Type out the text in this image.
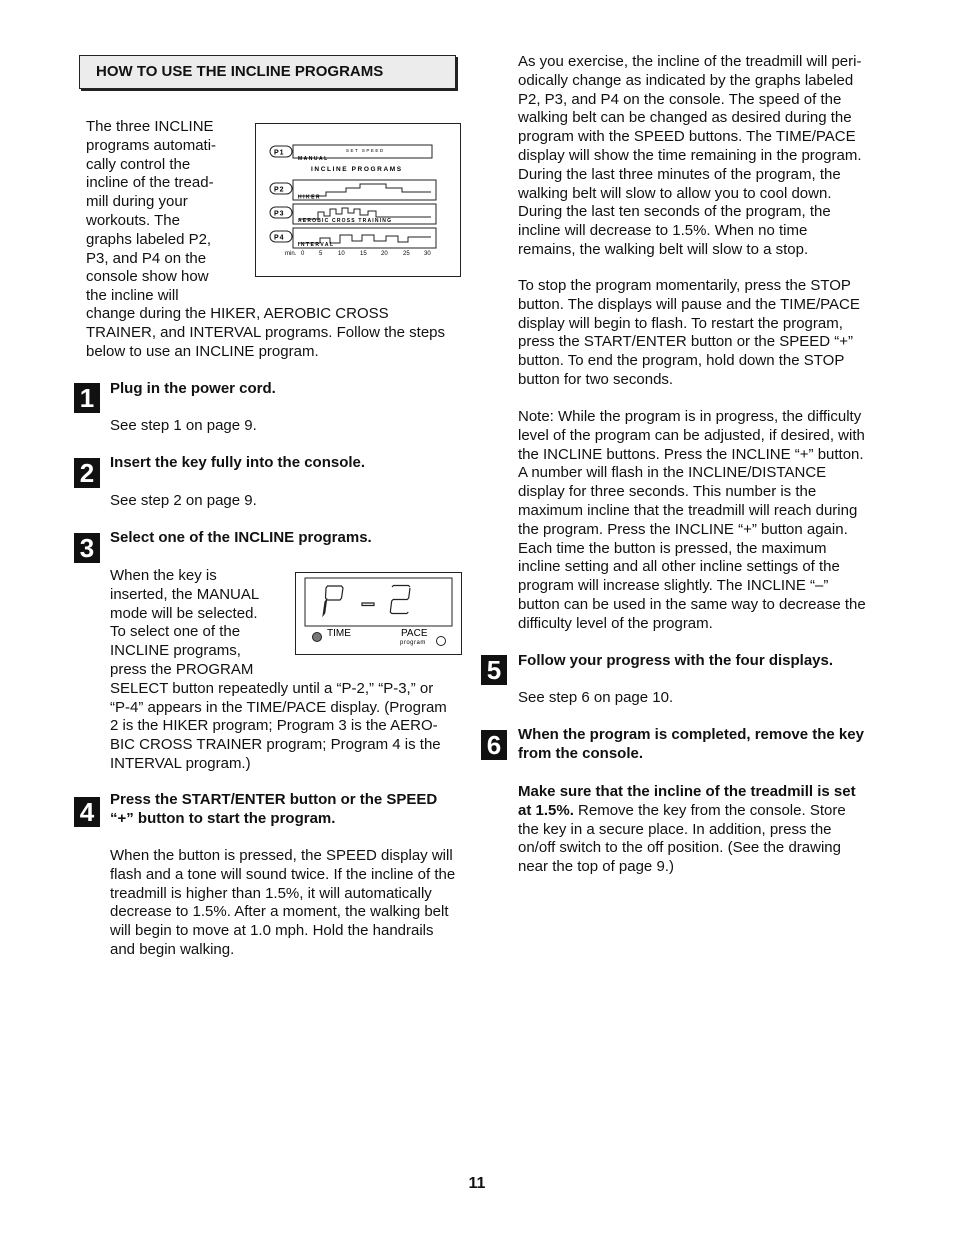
HOW TO USE THE INCLINE PROGRAMS

The three INCLINE

programs automati-

cally control the

incline of the tread-

mill during your

workouts. The

graphs labeled P2,

P3, and P4 on the

console show how

the incline will

change during the HIKER, AEROBIC CROSS

TRAINER, and INTERVAL programs. Follow the steps

below to use an INCLINE program.

SET SPEED
MANUAL
P1
INCLINE PROGRAMS
HIKER
P2
AEROBIC CROSS TRAINING
P3
INTERVAL
P4
min. 0 5	10	15 20	25 30
1	Plug in the power cord.

See step 1 on page 9.

2	Insert the key fully into the console.

See step 2 on page 9.

3	Select one of the INCLINE programs.

When the key is

inserted, the MANUAL

mode will be selected.

To select one of the

INCLINE programs,

press the PROGRAM

SELECT button repeatedly until a “P-2,” “P-3,” or

“P-4” appears in the TIME/PACE display. (Program

2 is the HIKER program; Program 3 is the AERO-

BIC CROSS TRAINER program; Program 4 is the

INTERVAL program.)

TIME	PACE
program
4	Press the START/ENTER button or the SPEED

“+” button to start the program.

When the button is pressed, the SPEED display will

flash and a tone will sound twice. If the incline of the

treadmill is higher than 1.5%, it will automatically

decrease to 1.5%. After a moment, the walking belt

will begin to move at 1.0 mph. Hold the handrails

and begin walking.

As you exercise, the incline of the treadmill will peri-

odically change as indicated by the graphs labeled

P2, P3, and P4 on the console. The speed of the

walking belt can be changed as desired during the

program with the SPEED buttons. The TIME/PACE

display will show the time remaining in the program.

During the last three minutes of the program, the

walking belt will slow to allow you to cool down.

During the last ten seconds of the program, the

incline will decrease to 1.5%. When no time

remains, the walking belt will slow to a stop.

To stop the program momentarily, press the STOP

button. The displays will pause and the TIME/PACE

display will begin to flash. To restart the program,

press the START/ENTER button or the SPEED “+”

button. To end the program, hold down the STOP

button for two seconds.

Note: While the program is in progress, the difficulty

level of the program can be adjusted, if desired, with

the INCLINE buttons. Press the INCLINE “+” button.

A number will flash in the INCLINE/DISTANCE

display for three seconds. This number is the

maximum incline that the treadmill will reach during

the program. Press the INCLINE “+” button again.

Each time the button is pressed, the maximum

incline setting and all other incline settings of the

program will increase slightly. The INCLINE “–”

button can be used in the same way to decrease the

difficulty level of the program.

5	Follow your progress with the four displays.

See step 6 on page 10.

6	When the program is completed, remove the key

from the console.

Make sure that the incline of the treadmill is set

at 1.5%. Remove the key from the console. Store

the key in a secure place. In addition, press the

on/off switch to the off position. (See the drawing

near the top of page 9.)

11
